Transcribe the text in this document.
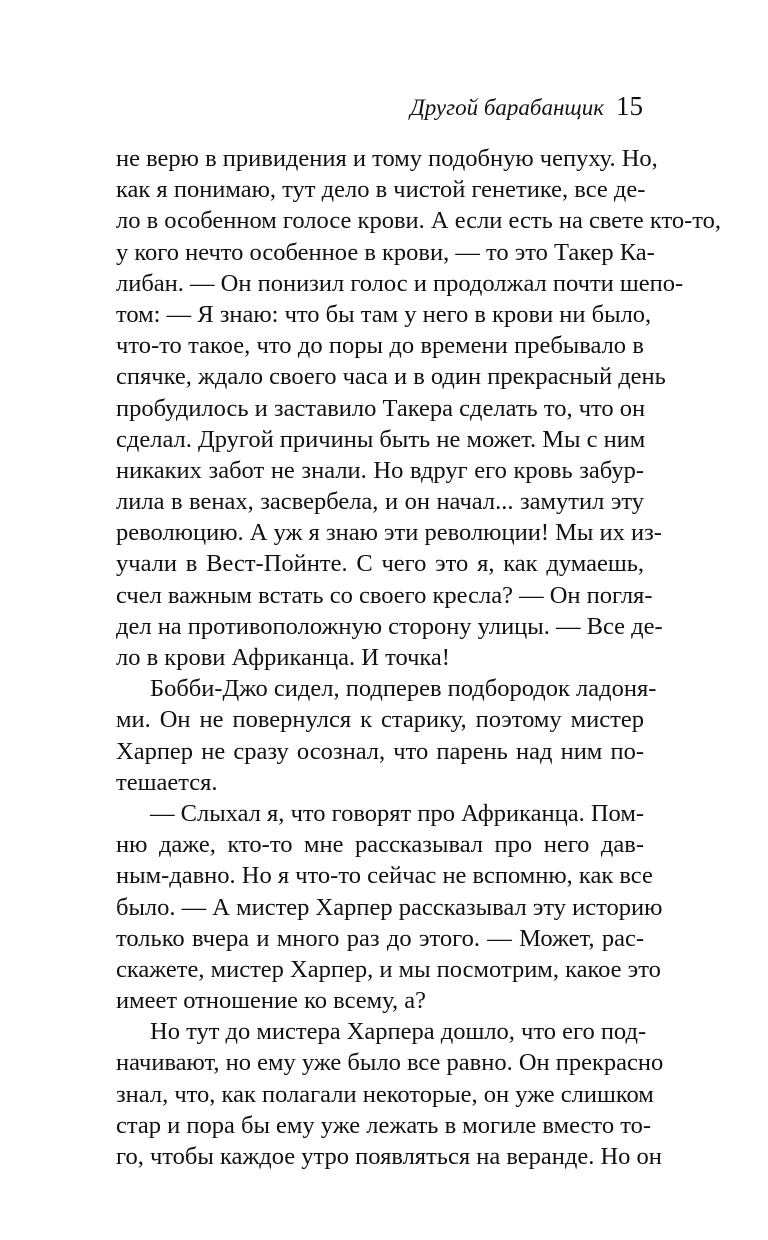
Другой барабанщик 15
не верю в привидения и тому подобную чепуху. Но,
как я понимаю, тут дело в чистой генетике, все де-
ло в особенном голосе крови. А если есть на свете кто-то,
у кого нечто особенное в крови, — то это Такер Ка-
либан. — Он понизил голос и продолжал почти шепо-
том: — Я знаю: что бы там у него в крови ни было,
что-то такое, что до поры до времени пребывало в
спячке, ждало своего часа и в один прекрасный день
пробудилось и заставило Такера сделать то, что он
сделал. Другой причины быть не может. Мы с ним
никаких забот не знали. Но вдруг его кровь забур-
лила в венах, засвербела, и он начал... замутил эту
революцию. А уж я знаю эти революции! Мы их из-
учали в Вест-Пойнте. С чего это я, как думаешь,
счел важным встать со своего кресла? — Он погля-
дел на противоположную сторону улицы. — Все де-
ло в крови Африканца. И точка!
Бобби-Джо сидел, подперев подбородок ладоня-
ми. Он не повернулся к старику, поэтому мистер
Харпер не сразу осознал, что парень над ним по-
тешается.
— Слыхал я, что говорят про Африканца. Пом-
ню даже, кто-то мне рассказывал про него дав-
ным-давно. Но я что-то сейчас не вспомню, как все
было. — А мистер Харпер рассказывал эту историю
только вчера и много раз до этого. — Может, рас-
скажете, мистер Харпер, и мы посмотрим, какое это
имеет отношение ко всему, а?
Но тут до мистера Харпера дошло, что его под-
начивают, но ему уже было все равно. Он прекрасно
знал, что, как полагали некоторые, он уже слишком
стар и пора бы ему уже лежать в могиле вместо то-
го, чтобы каждое утро появляться на веранде. Но он
